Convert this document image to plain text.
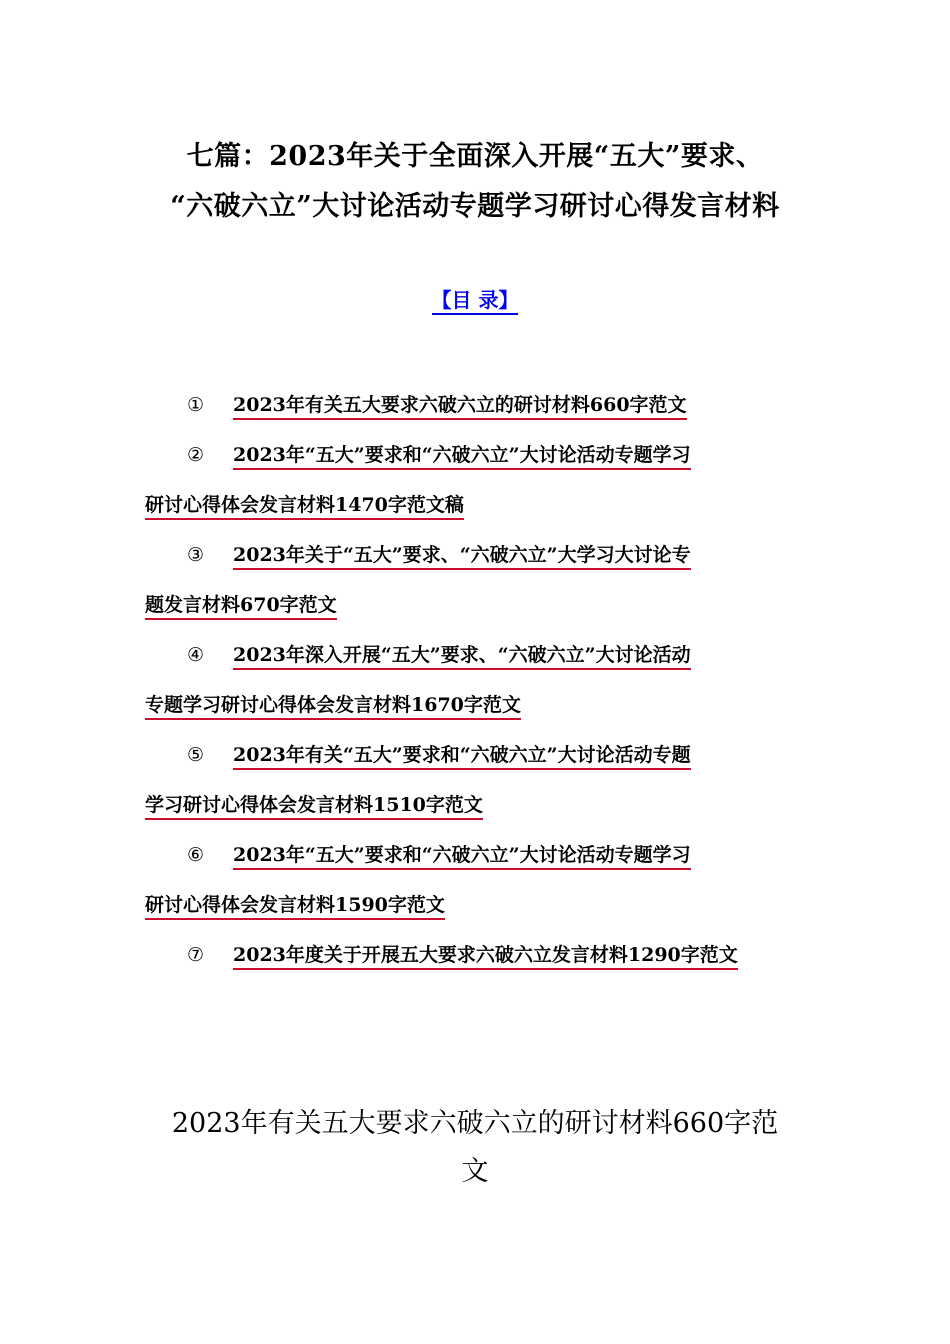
七篇：2023年关于全面深入开展“五大”要求、
“六破六立”大讨论活动专题学习研讨心得发言材料
【目 录】
① 2023年有关五大要求六破六立的研讨材料660字范文
② 2023年“五大”要求和“六破六立”大讨论活动专题学习
研讨心得体会发言材料1470字范文稿
③ 2023年关于“五大”要求、“六破六立”大学习大讨论专
题发言材料670字范文
④ 2023年深入开展“五大”要求、“六破六立”大讨论活动
专题学习研讨心得体会发言材料1670字范文
⑤ 2023年有关“五大”要求和“六破六立”大讨论活动专题
学习研讨心得体会发言材料1510字范文
⑥ 2023年“五大”要求和“六破六立”大讨论活动专题学习
研讨心得体会发言材料1590字范文
⑦ 2023年度关于开展五大要求六破六立发言材料1290字范文
2023年有关五大要求六破六立的研讨材料660字范
文
